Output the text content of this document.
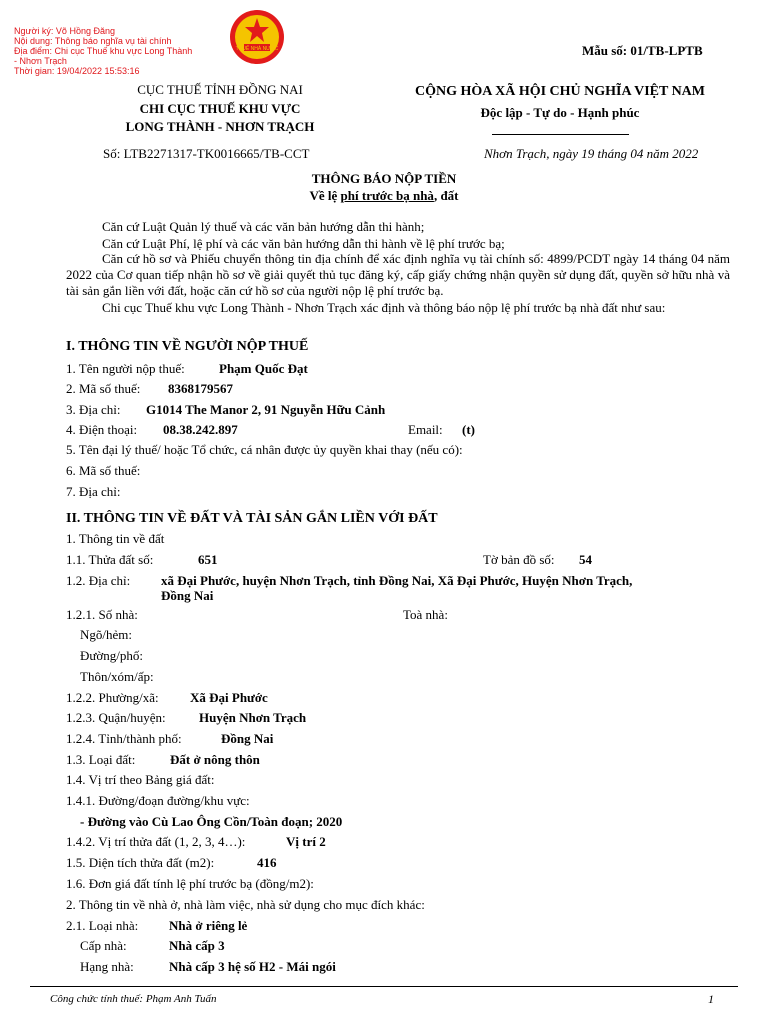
Người ký: Võ Hồng Đăng
Nội dung: Thông báo nghĩa vụ tài chính
Địa điểm: Chi cục Thuế khu vực Long Thành
- Nhơn Trạch
Thời gian: 19/04/2022 15:53:16
THUẾ NHÀ NƯỚC	Mẫu số: 01/TB-LPTB
CỤC THUẾ TỈNH ĐỒNG NAI
CHI CỤC THUẾ KHU VỰC
LONG THÀNH - NHƠN TRẠCH
Số: LTB2271317-TK0016665/TB-CCT
CỘNG HÒA XÃ HỘI CHỦ NGHĨA VIỆT NAM
Độc lập - Tự do - Hạnh phúc
Nhơn Trạch, ngày 19 tháng 04 năm 2022
THÔNG BÁO NỘP TIỀN
Về lệ phí trước bạ nhà, đất
Căn cứ Luật Quản lý thuế và các văn bản hướng dẫn thi hành;
Căn cứ Luật Phí, lệ phí và các văn bản hướng dẫn thi hành về lệ phí trước bạ;
Căn cứ hồ sơ và Phiếu chuyển thông tin địa chính để xác định nghĩa vụ tài chính số: 4899/PCDT ngày 14 tháng 04 năm 2022 của Cơ quan tiếp nhận hồ sơ về giải quyết thủ tục đăng ký, cấp giấy chứng nhận quyền sử dụng đất, quyền sở hữu nhà và tài sản gắn liền với đất, hoặc căn cứ hồ sơ của người nộp lệ phí trước bạ.
Chi cục Thuế khu vực Long Thành - Nhơn Trạch xác định và thông báo nộp lệ phí trước bạ nhà đất như sau:
I. THÔNG TIN VỀ NGƯỜI NỘP THUẾ
1. Tên người nộp thuế:	Phạm Quốc Đạt
2. Mã số thuế: 8368179567
3. Địa chỉ: G1014 The Manor 2, 91 Nguyễn Hữu Cảnh
4. Điện thoại: 08.38.242.897	Email: (t)
5. Tên đại lý thuế/ hoặc Tổ chức, cá nhân được ủy quyền khai thay (nếu có):
6. Mã số thuế:
7. Địa chỉ:
II. THÔNG TIN VỀ ĐẤT VÀ TÀI SẢN GẮN LIỀN VỚI ĐẤT
1. Thông tin về đất
1.1. Thửa đất số:	651	Tờ bản đồ số: 54
1.2. Địa chỉ: xã Đại Phước, huyện Nhơn Trạch, tỉnh Đồng Nai, Xã Đại Phước, Huyện Nhơn Trạch,
Đồng Nai
1.2.1. Số nhà:	Toà nhà:
Ngõ/hẻm:
Đường/phố:
Thôn/xóm/ấp:
1.2.2. Phường/xã: Xã Đại Phước
1.2.3. Quận/huyện:	Huyện Nhơn Trạch
1.2.4. Tỉnh/thành phố:	Đồng Nai
1.3. Loại đất:	Đất ở nông thôn
1.4. Vị trí theo Bảng giá đất:
1.4.1. Đường/đoạn đường/khu vực:
- Đường vào Cù Lao Ông Cồn/Toàn đoạn; 2020
1.4.2. Vị trí thửa đất (1, 2, 3, 4…):	Vị trí 2
1.5. Diện tích thửa đất (m2):	416
1.6. Đơn giá đất tính lệ phí trước bạ (đồng/m2):
2. Thông tin về nhà ở, nhà làm việc, nhà sử dụng cho mục đích khác:
2.1. Loại nhà: Nhà ở riêng lẻ
Cấp nhà:	Nhà cấp 3
Hạng nhà:	Nhà cấp 3 hệ số H2 - Mái ngói
Công chức tính thuế: Phạm Anh Tuấn	1
